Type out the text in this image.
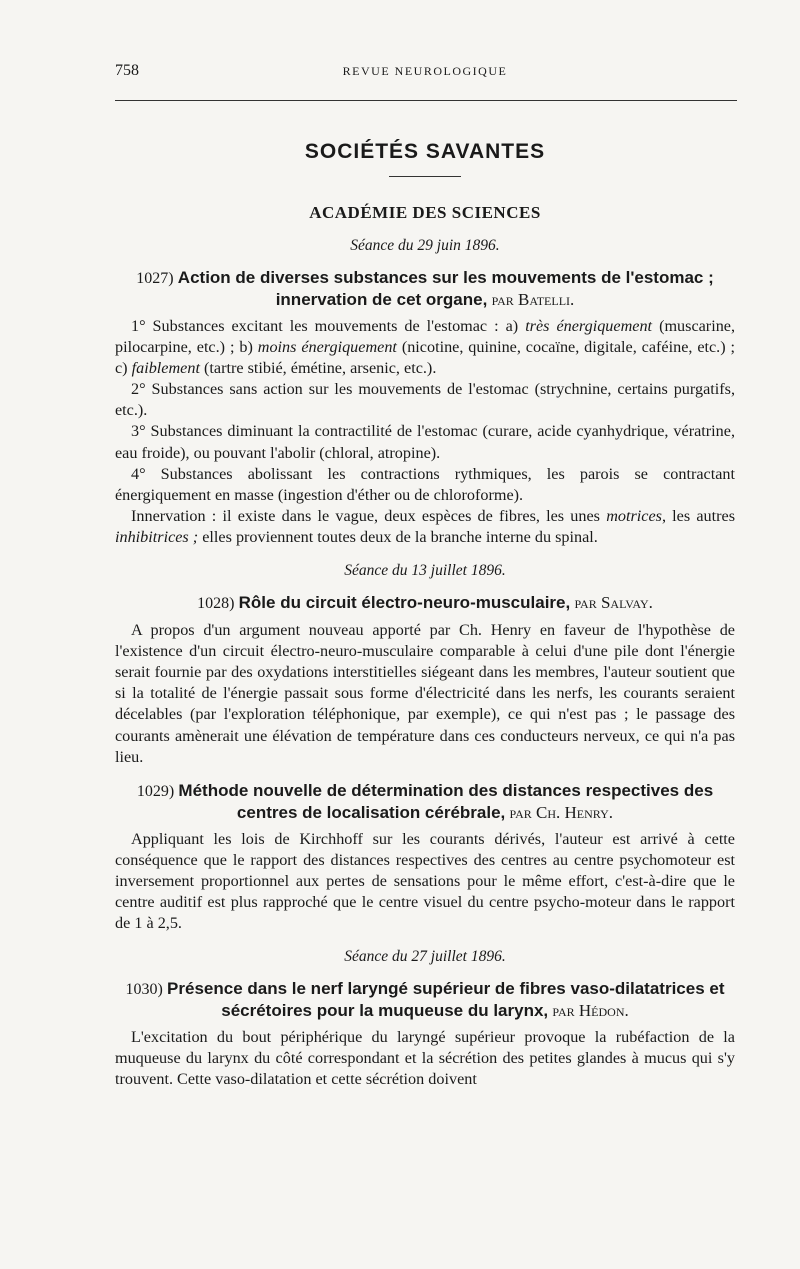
758	REVUE NEUROLOGIQUE
SOCIÉTÉS SAVANTES
ACADÉMIE DES SCIENCES

Séance du 29 juin 1896.

1027) Action de diverses substances sur les mouvements de l'estomac ; innervation de cet organe, par Batelli.

1° Substances excitant les mouvements de l'estomac : a) très énergiquement (muscarine, pilocarpine, etc.) ; b) moins énergiquement (nicotine, quinine, cocaïne, digitale, caféine, etc.) ; c) faiblement (tartre stibié, émétine, arsenic, etc.).

2° Substances sans action sur les mouvements de l'estomac (strychnine, certains purgatifs, etc.).

3° Substances diminuant la contractilité de l'estomac (curare, acide cyanhydrique, vératrine, eau froide), ou pouvant l'abolir (chloral, atropine).

4° Substances abolissant les contractions rythmiques, les parois se contractant énergiquement en masse (ingestion d'éther ou de chloroforme).

Innervation : il existe dans le vague, deux espèces de fibres, les unes motrices, les autres inhibitrices ; elles proviennent toutes deux de la branche interne du spinal.

Séance du 13 juillet 1896.

1028) Rôle du circuit électro-neuro-musculaire, par Salvay.

A propos d'un argument nouveau apporté par Ch. Henry en faveur de l'hypothèse de l'existence d'un circuit électro-neuro-musculaire comparable à celui d'une pile dont l'énergie serait fournie par des oxydations interstitielles siégeant dans les membres, l'auteur soutient que si la totalité de l'énergie passait sous forme d'électricité dans les nerfs, les courants seraient décelables (par l'exploration téléphonique, par exemple), ce qui n'est pas ; le passage des courants amènerait une élévation de température dans ces conducteurs nerveux, ce qui n'a pas lieu.

1029) Méthode nouvelle de détermination des distances respectives des centres de localisation cérébrale, par Ch. Henry.

Appliquant les lois de Kirchhoff sur les courants dérivés, l'auteur est arrivé à cette conséquence que le rapport des distances respectives des centres au centre psychomoteur est inversement proportionnel aux pertes de sensations pour le même effort, c'est-à-dire que le centre auditif est plus rapproché que le centre visuel du centre psycho-moteur dans le rapport de 1 à 2,5.

Séance du 27 juillet 1896.

1030) Présence dans le nerf laryngé supérieur de fibres vaso-dilatatrices et sécrétoires pour la muqueuse du larynx, par Hédon.

L'excitation du bout périphérique du laryngé supérieur provoque la rubéfaction de la muqueuse du larynx du côté correspondant et la sécrétion des petites glandes à mucus qui s'y trouvent. Cette vaso-dilatation et cette sécrétion doivent
